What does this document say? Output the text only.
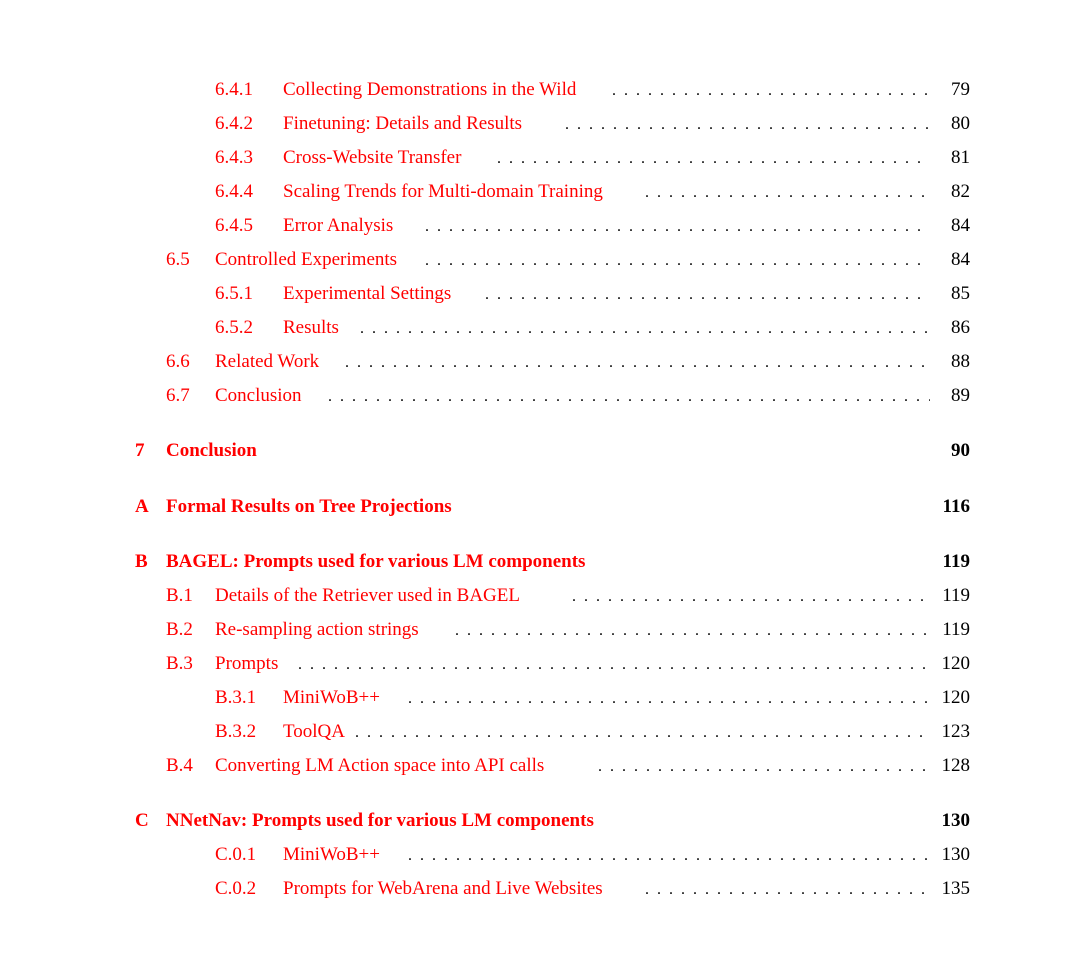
6.4.1 Collecting Demonstrations in the Wild .  .	79
6.4.2 Finetuning: Details and Results .  .	80
6.4.3 Cross-Website Transfer .  .	81
6.4.4 Scaling Trends for Multi-domain Training .  .	82
6.4.5 Error Analysis .  .	84
6.5 Controlled Experiments .  .	84
6.5.1 Experimental Settings .  .	85
6.5.2 Results .  .	86
6.6 Related Work .  .	88
6.7 Conclusion .  .	89
7 Conclusion	90
A Formal Results on Tree Projections	116
B BAGEL: Prompts used for various LM components	119
B.1 Details of the Retriever used in BAGEL .  .	119
B.2 Re-sampling action strings .  .	119
B.3 Prompts .  .	120
B.3.1 MiniWoB++ .  .	120
B.3.2 ToolQA .  .	123
B.4 Converting LM Action space into API calls .  .	128
C NNetNav: Prompts used for various LM components	130
C.0.1 MiniWoB++ .  .	130
C.0.2 Prompts for WebArena and Live Websites .  .	135
